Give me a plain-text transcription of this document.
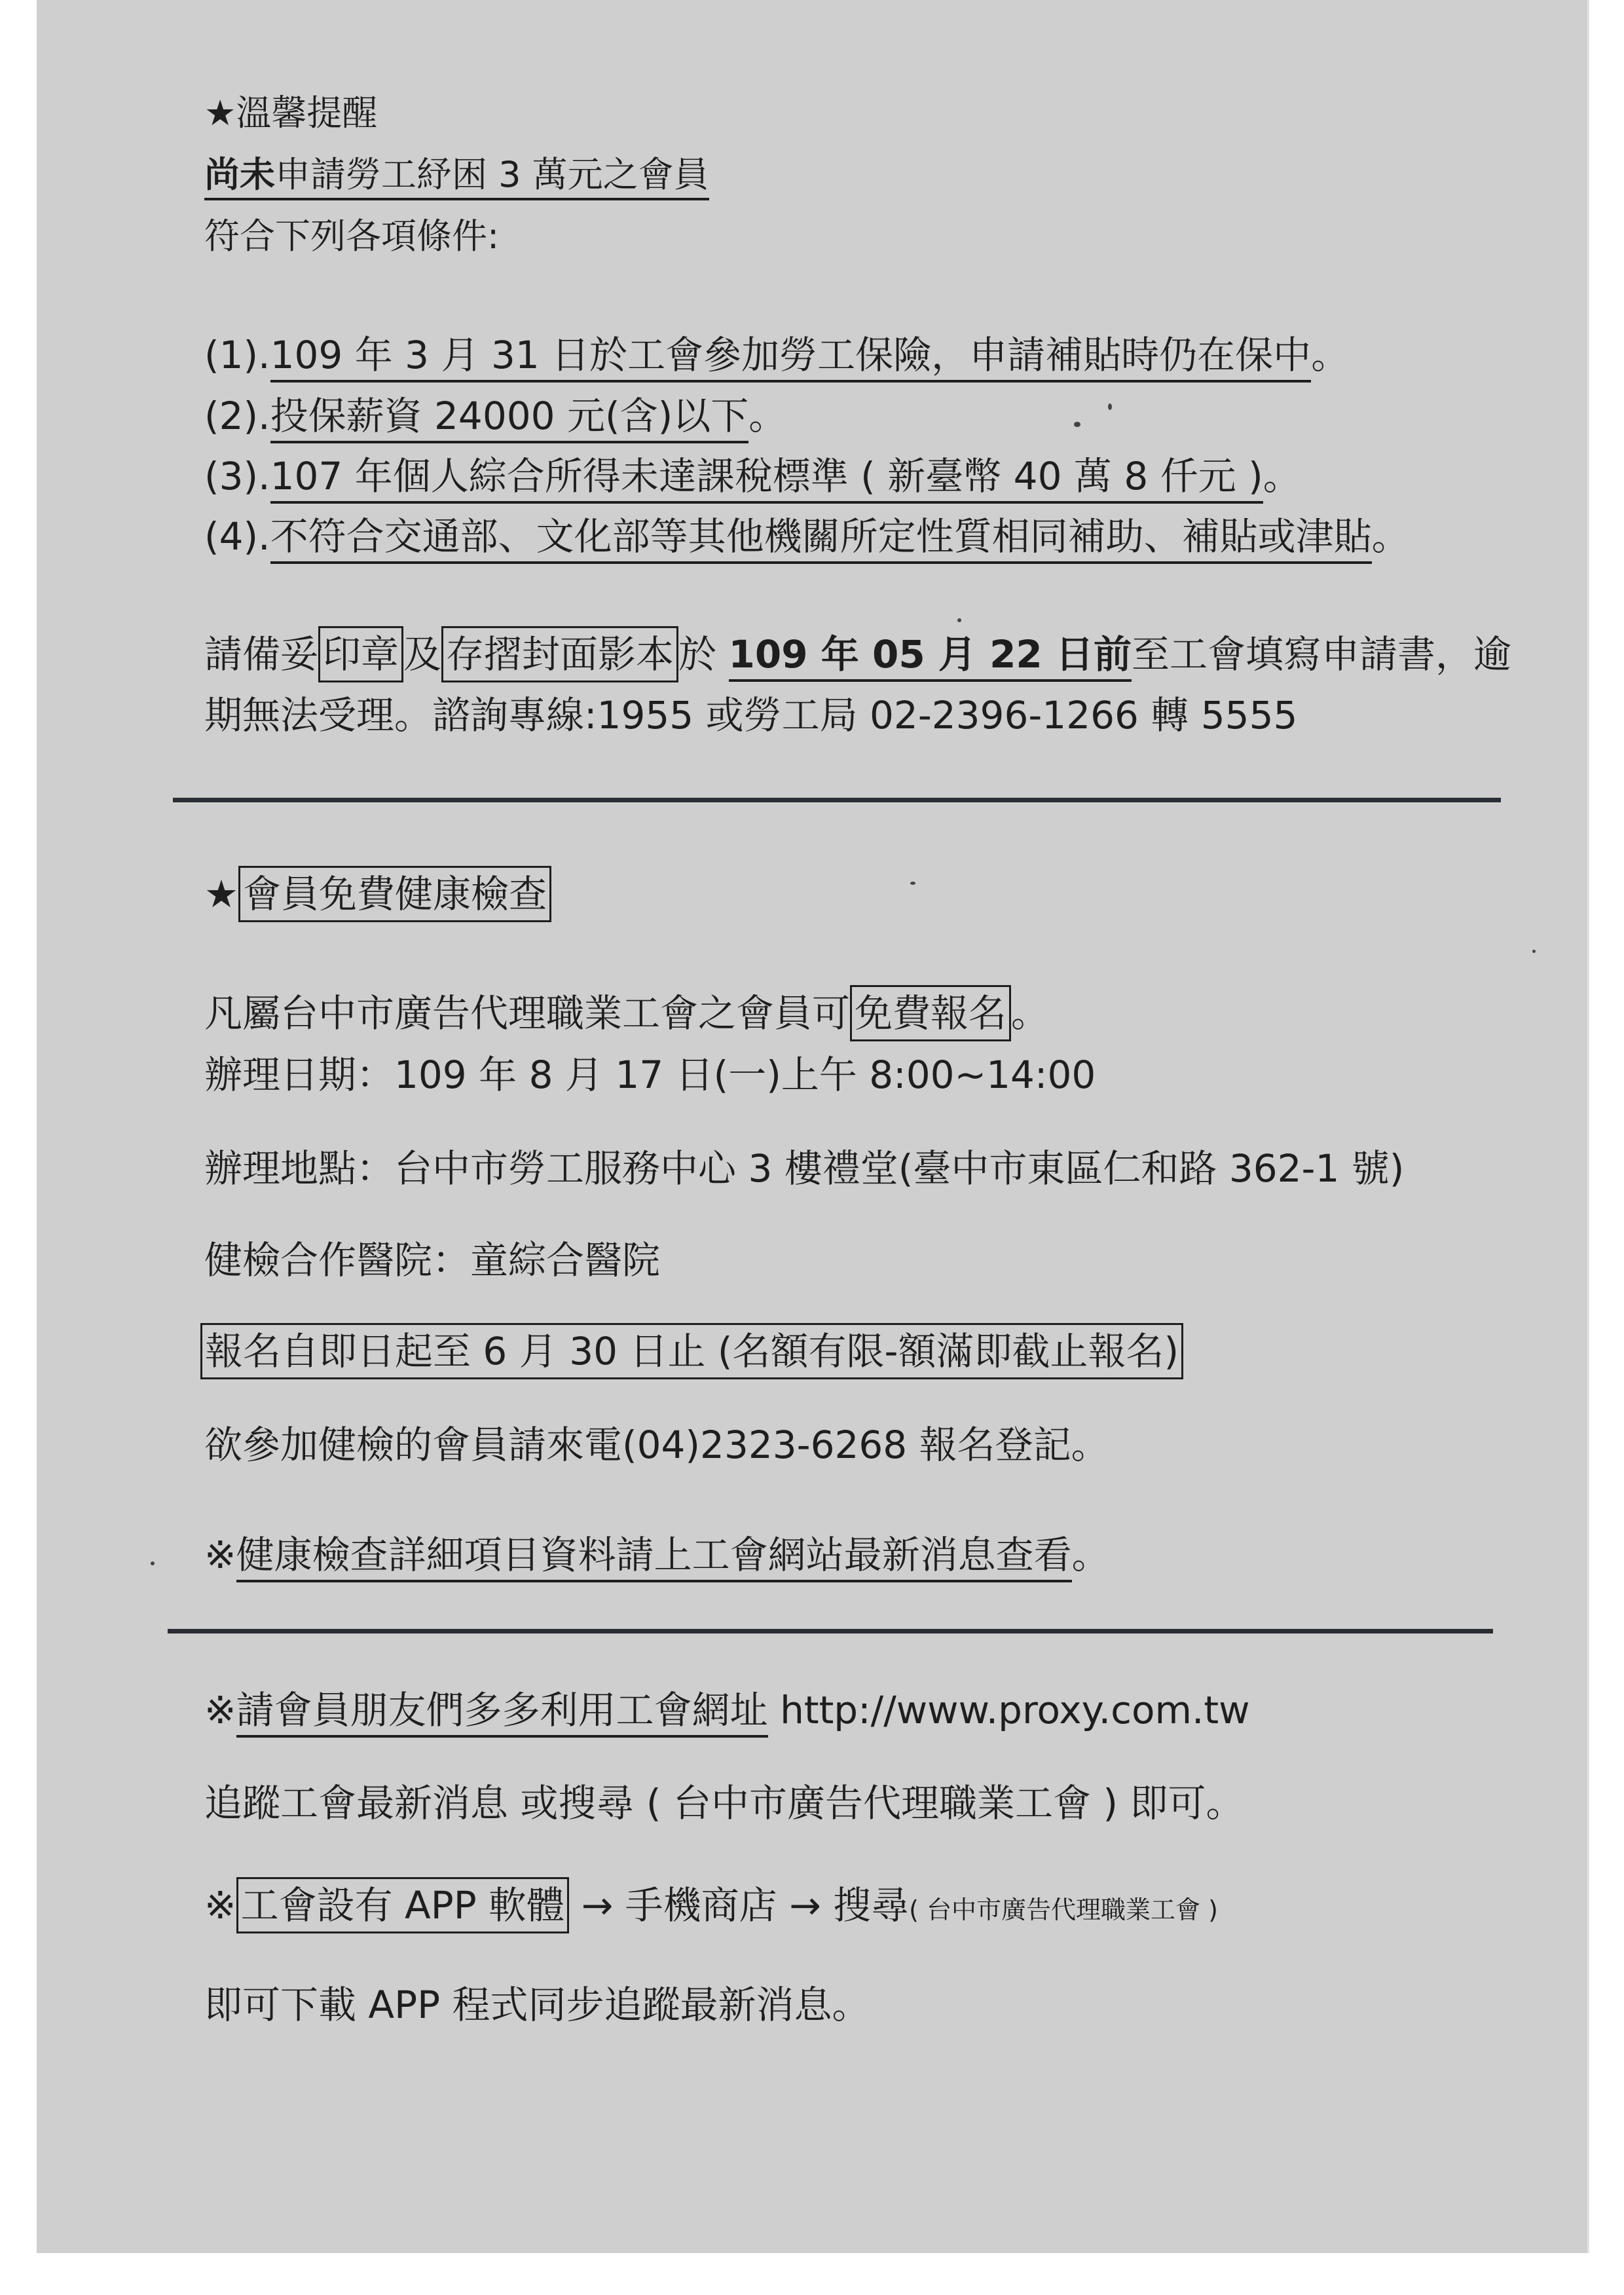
★溫馨提醒
尚未申請勞工紓困 3 萬元之會員
符合下列各項條件:
(1).109 年 3 月 31 日於工會參加勞工保險，申請補貼時仍在保中。
(2).投保薪資 24000 元(含)以下。
(3).107 年個人綜合所得未達課稅標準 ( 新臺幣 40 萬 8 仟元 )。
(4).不符合交通部、文化部等其他機關所定性質相同補助、補貼或津貼。
請備妥 印章 及 存摺封面影本 於 109 年 05 月 22 日前至工會填寫申請書，逾
期無法受理。諮詢專線:1955 或勞工局 02-2396-1266 轉 5555
★ 會員免費健康檢查
凡屬台中市廣告代理職業工會之會員可 免費報名 。
辦理日期：109 年 8 月 17 日(一)上午 8:00~14:00
辦理地點：台中市勞工服務中心 3 樓禮堂(臺中市東區仁和路 362-1 號)
健檢合作醫院：童綜合醫院
報名自即日起至 6 月 30 日止 (名額有限-額滿即截止報名)
欲參加健檢的會員請來電(04)2323-6268 報名登記。
※健康檢查詳細項目資料請上工會網站最新消息查看。
※請會員朋友們多多利用工會網址 http://www.proxy.com.tw
追蹤工會最新消息 或搜尋 ( 台中市廣告代理職業工會 ) 即可。
※ 工會設有 APP 軟體 → 手機商店 → 搜尋( 台中市廣告代理職業工會 )
即可下載 APP 程式同步追蹤最新消息。
